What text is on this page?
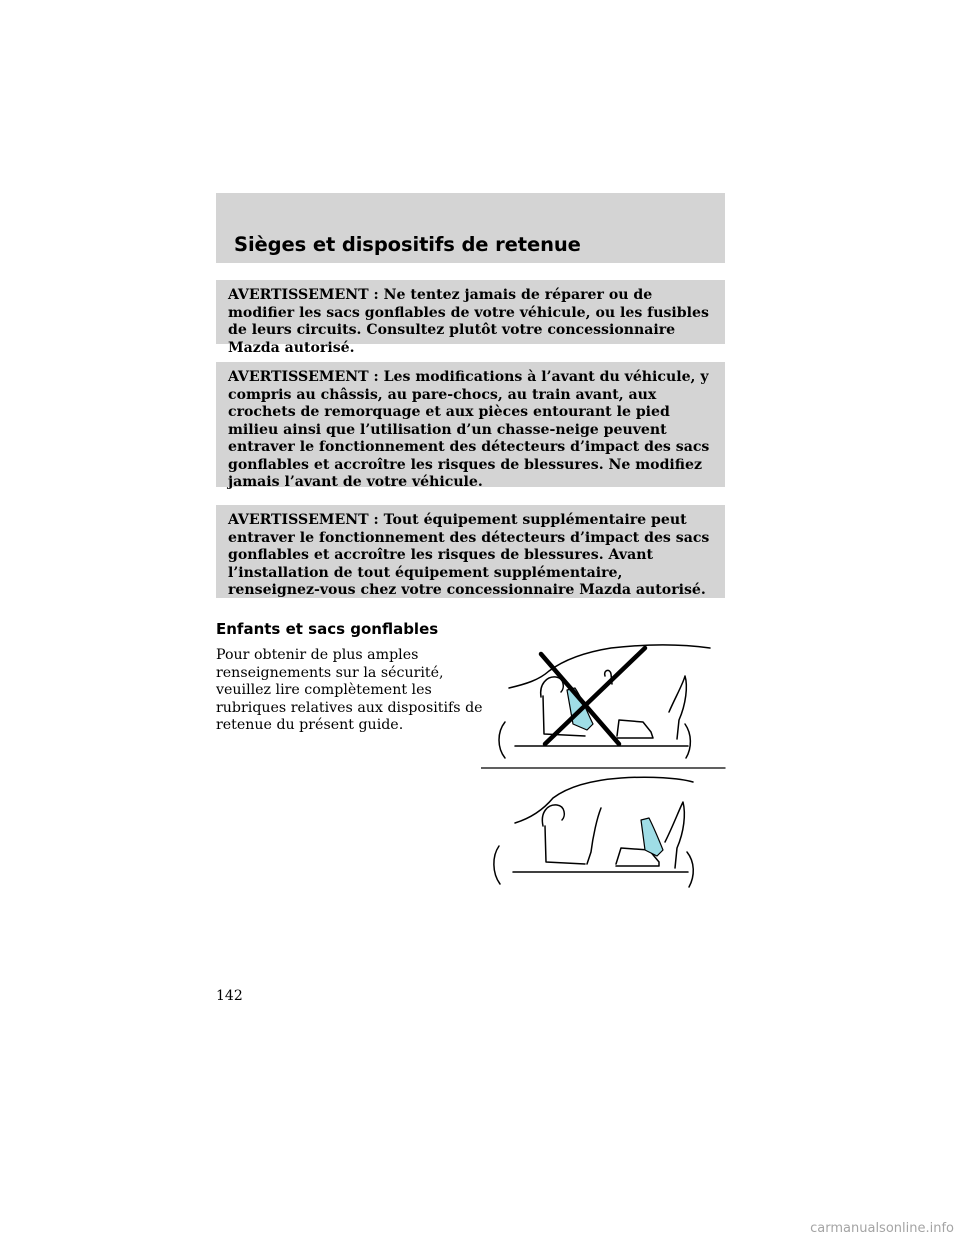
Sièges et dispositifs de retenue

AVERTISSEMENT : Ne tentez jamais de réparer ou de modifier les sacs gonflables de votre véhicule, ou les fusibles de leurs circuits. Consultez plutôt votre concessionnaire Mazda autorisé.

AVERTISSEMENT : Les modifications à l’avant du véhicule, y compris au châssis, au pare-chocs, au train avant, aux crochets de remorquage et aux pièces entourant le pied milieu ainsi que l’utilisation d’un chasse-neige peuvent entraver le fonctionnement des détecteurs d’impact des sacs gonflables et accroître les risques de blessures. Ne modifiez jamais l’avant de votre véhicule.

AVERTISSEMENT : Tout équipement supplémentaire peut entraver le fonctionnement des détecteurs d’impact des sacs gonflables et accroître les risques de blessures. Avant l’installation de tout équipement supplémentaire, renseignez-vous chez votre concessionnaire Mazda autorisé.

Enfants et sacs gonflables

Pour obtenir de plus amples
renseignements sur la sécurité,
veuillez lire complètement les
rubriques relatives aux dispositifs de
retenue du présent guide.

142

carmanualsonline.info
